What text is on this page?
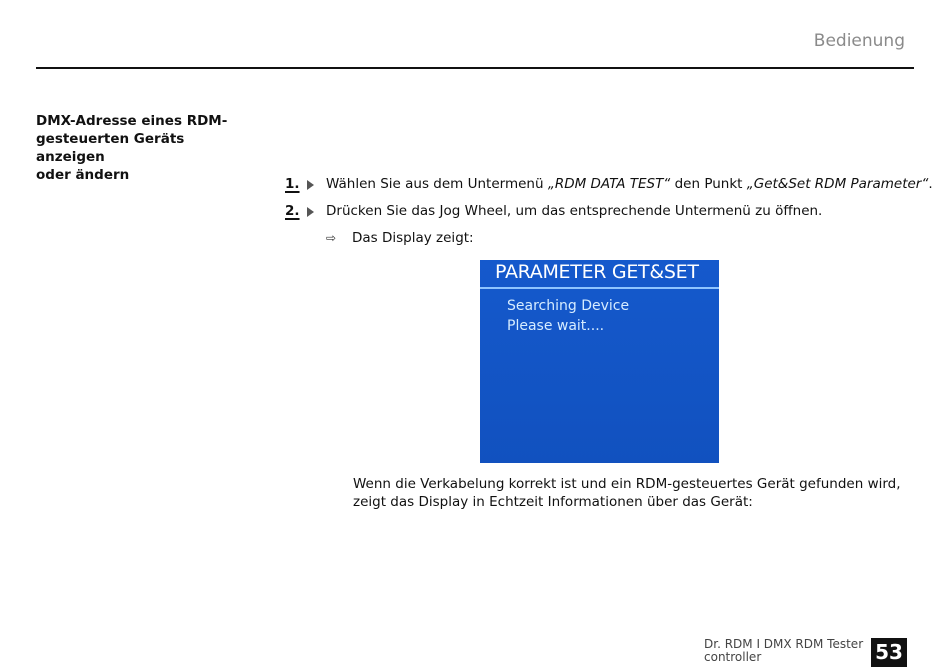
Bedienung
DMX-Adresse eines RDM-
gesteuerten Geräts anzeigen
oder ändern
1.	Wählen Sie aus dem Untermenü „RDM DATA TEST“ den Punkt „Get&Set RDM Parameter“.
2.	Drücken Sie das Jog Wheel, um das entsprechende Untermenü zu öffnen.
⇨ Das Display zeigt:
PARAMETER GET&SET
Searching Device
Please wait....
Wenn die Verkabelung korrekt ist und ein RDM-gesteuertes Gerät gefunden wird, zeigt das Display in Echtzeit Informationen über das Gerät:
Dr. RDM I DMX RDM Tester controller	53
